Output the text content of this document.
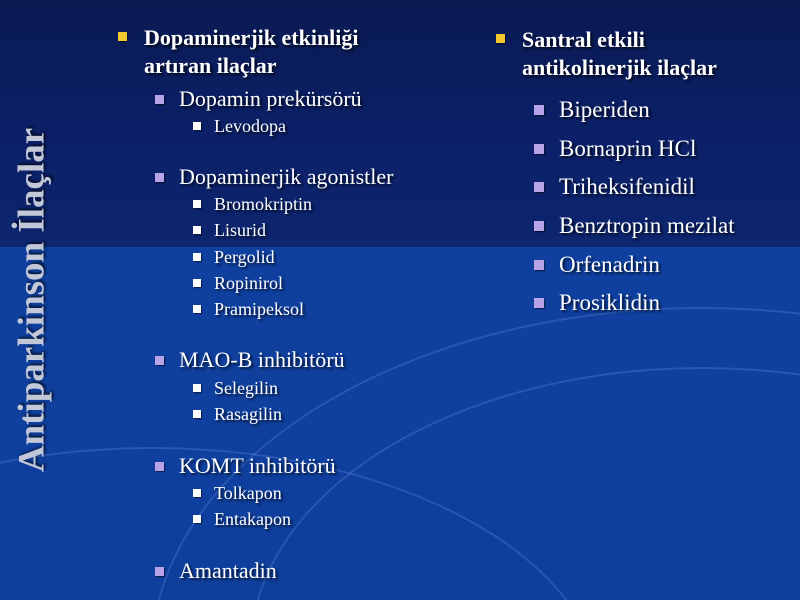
Antiparkinson İlaçlar
Dopaminerjik etkinliği
artıran ilaçlar
Dopamin prekürsörü
Levodopa
Dopaminerjik agonistler
Bromokriptin
Lisurid
Pergolid
Ropinirol
Pramipeksol
MAO-B inhibitörü
Selegilin
Rasagilin
KOMT inhibitörü
Tolkapon
Entakapon
Amantadin
Santral etkili
antikolinerjik ilaçlar
Biperiden
Bornaprin HCl
Triheksifenidil
Benztropin mezilat
Orfenadrin
Prosiklidin
